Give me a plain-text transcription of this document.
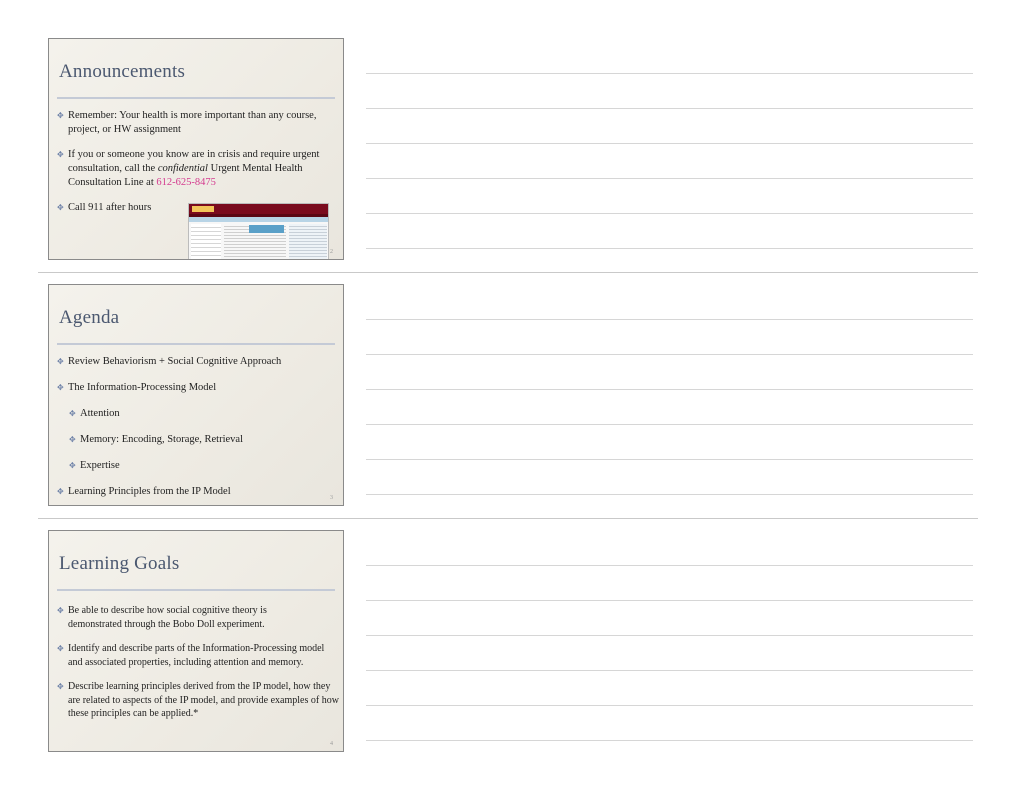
Announcements
✥ Remember: Your health is more important than any course, project, or HW assignment
✥ If you or someone you know are in crisis and require urgent consultation, call the confidential Urgent Mental Health Consultation Line at 612-625-8475
✥ Call 911 after hours
2
Agenda
✥ Review Behaviorism + Social Cognitive Approach
✥ The Information-Processing Model
✥ Attention
✥ Memory: Encoding, Storage, Retrieval
✥ Expertise
✥ Learning Principles from the IP Model
3
Learning Goals
✥ Be able to describe how social cognitive theory is demonstrated through the Bobo Doll experiment.
✥ Identify and describe parts of the Information-Processing model and associated properties, including attention and memory.
✥ Describe learning principles derived from the IP model, how they are related to aspects of the IP model, and provide examples of how these principles can be applied.*
4
